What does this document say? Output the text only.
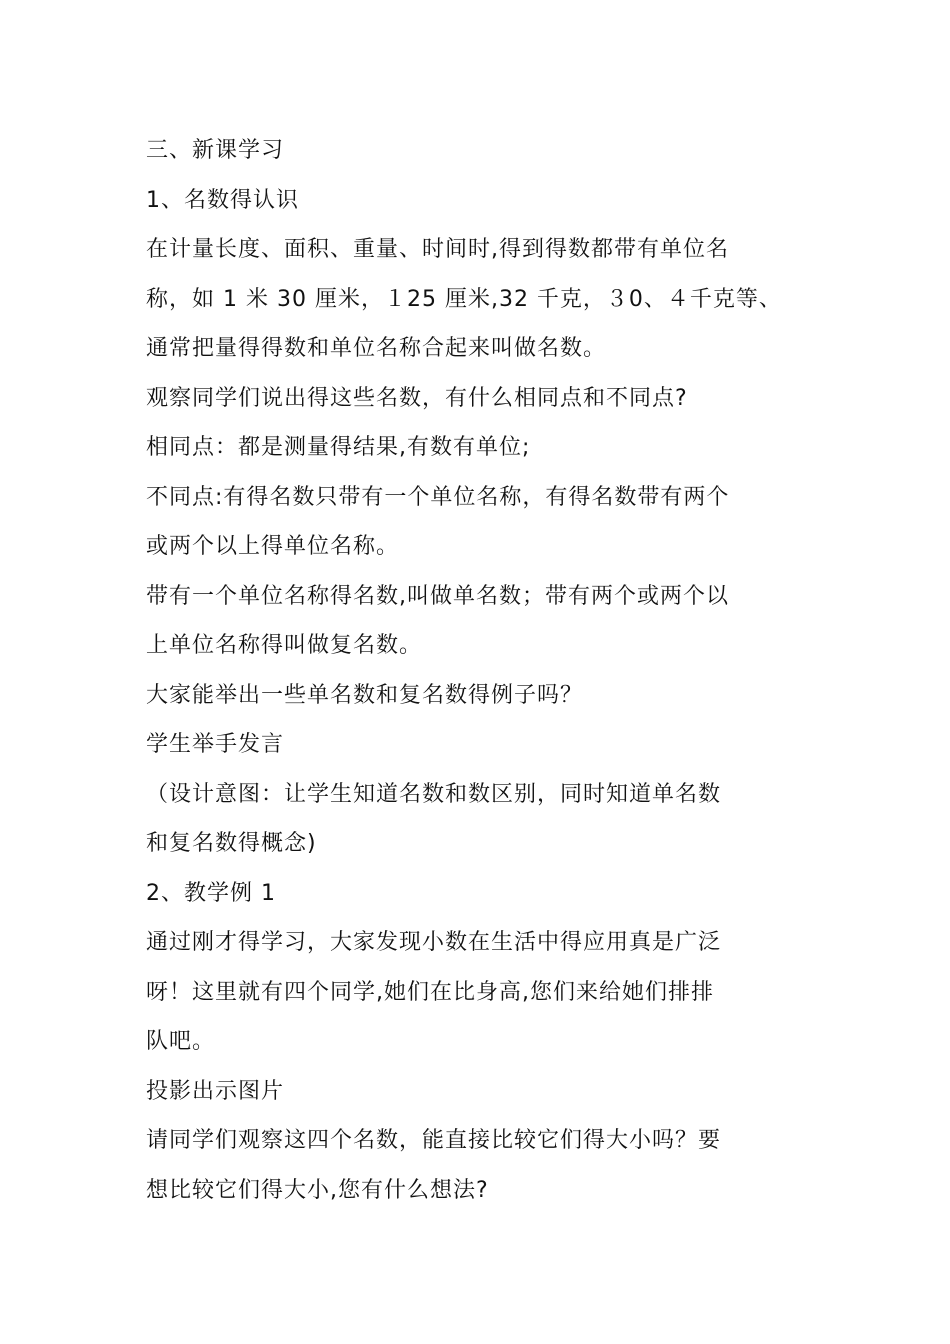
三、新课学习
1、名数得认识
在计量长度、面积、重量、时间时,得到得数都带有单位名
称，如 1 米 30 厘米，１25 厘米,32 千克，３0、４千克等、
通常把量得得数和单位名称合起来叫做名数。
观察同学们说出得这些名数，有什么相同点和不同点?
相同点：都是测量得结果,有数有单位;
不同点:有得名数只带有一个单位名称，有得名数带有两个
或两个以上得单位名称。
带有一个单位名称得名数,叫做单名数；带有两个或两个以
上单位名称得叫做复名数。
大家能举出一些单名数和复名数得例子吗？
学生举手发言
（设计意图：让学生知道名数和数区别，同时知道单名数
和复名数得概念)
2、教学例 1
通过刚才得学习，大家发现小数在生活中得应用真是广泛
呀！这里就有四个同学,她们在比身高,您们来给她们排排
队吧。
投影出示图片
请同学们观察这四个名数，能直接比较它们得大小吗？要
想比较它们得大小,您有什么想法?
